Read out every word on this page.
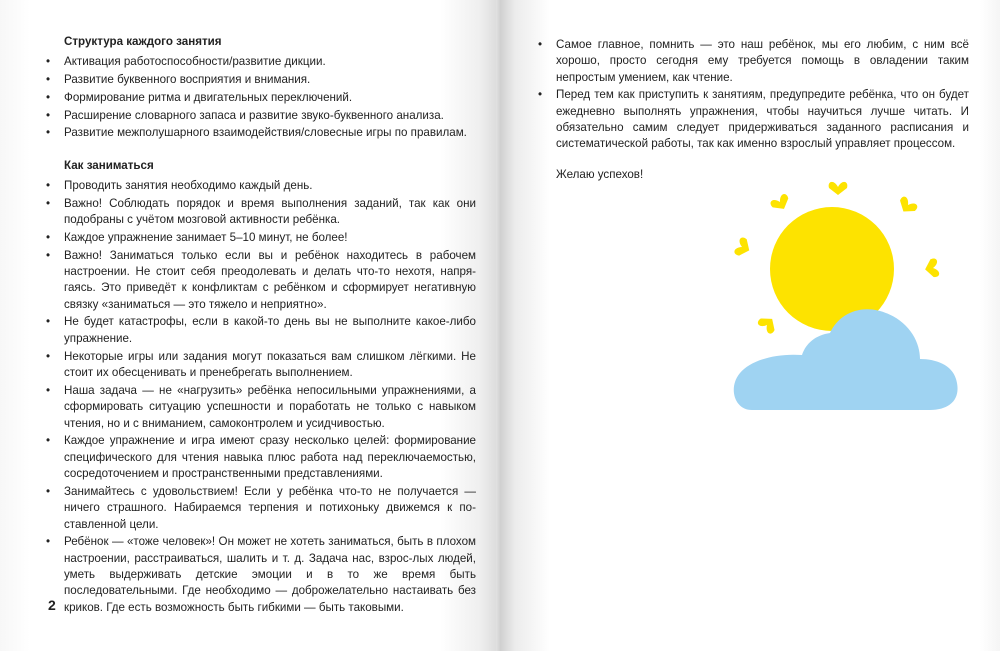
Структура каждого занятия
• Активация работоспособности/развитие дикции.
• Развитие буквенного восприятия и внимания.
• Формирование ритма и двигательных переключений.
• Расширение словарного запаса и развитие звуко-буквенного анализа.
• Развитие межполушарного взаимодействия/словесные игры по правилам.
Как заниматься
• Проводить занятия необходимо каждый день.
• Важно! Соблюдать порядок и время выполнения заданий, так как они подобраны с учётом мозговой активности ребёнка.
• Каждое упражнение занимает 5–10 минут, не более!
• Важно! Заниматься только если вы и ребёнок находитесь в рабочем настроении. Не стоит себя преодолевать и делать что-то нехотя, напря-гаясь. Это приведёт к конфликтам с ребёнком и сформирует негативную связку «заниматься — это тяжело и неприятно».
• Не будет катастрофы, если в какой-то день вы не выполните какое-либо упражнение.
• Некоторые игры или задания могут показаться вам слишком лёгкими. Не стоит их обесценивать и пренебрегать выполнением.
• Наша задача — не «нагрузить» ребёнка непосильными упражнениями, а сформировать ситуацию успешности и поработать не только с навыком чтения, но и с вниманием, самоконтролем и усидчивостью.
• Каждое упражнение и игра имеют сразу несколько целей: формирование специфического для чтения навыка плюс работа над переключаемостью, сосредоточением и пространственными представлениями.
• Занимайтесь с удовольствием! Если у ребёнка что-то не получается — ничего страшного. Набираемся терпения и потихоньку движемся к по-ставленной цели.
• Ребёнок — «тоже человек»! Он может не хотеть заниматься, быть в плохом настроении, расстраиваться, шалить и т. д. Задача нас, взрос-лых людей, уметь выдерживать детские эмоции и в то же время быть последовательными. Где необходимо — доброжелательно настаивать без криков. Где есть возможность быть гибкими — быть таковыми.
2
• Самое главное, помнить — это наш ребёнок, мы его любим, с ним всё хорошо, просто сегодня ему требуется помощь в овладении таким непростым умением, как чтение.
• Перед тем как приступить к занятиям, предупредите ребёнка, что он будет ежедневно выполнять упражнения, чтобы научиться лучше читать. И обязательно самим следует придерживаться заданного расписания и систематической работы, так как именно взрослый управляет процессом.
Желаю успехов!
